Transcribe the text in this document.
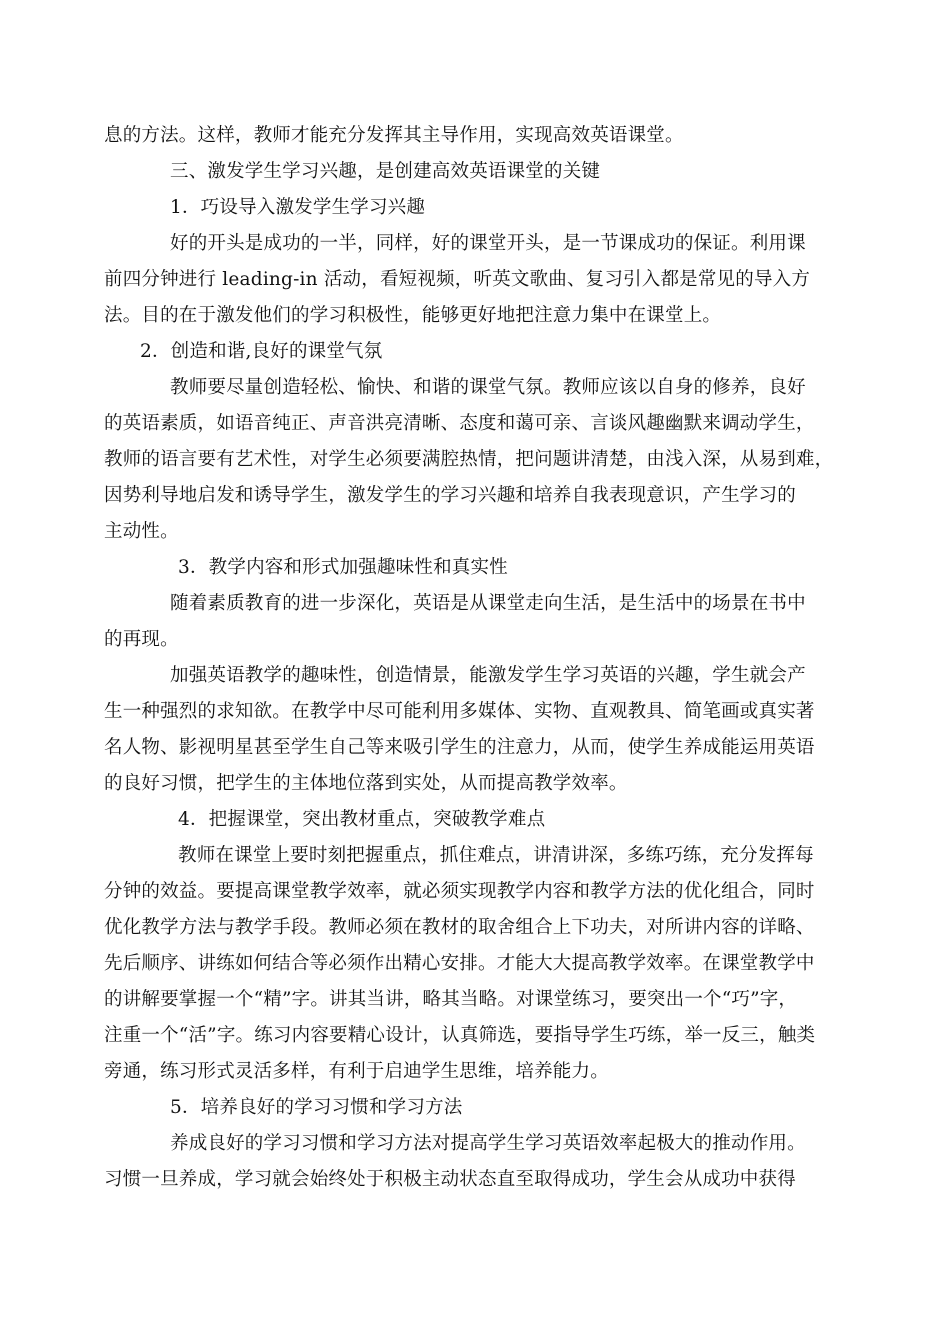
息的方法。这样，教师才能充分发挥其主导作用，实现高效英语课堂。
三、激发学生学习兴趣，是创建高效英语课堂的关键
1．巧设导入激发学生学习兴趣
好的开头是成功的一半，同样，好的课堂开头，是一节课成功的保证。利用课
前四分钟进行 leading-in 活动，看短视频，听英文歌曲、复习引入都是常见的导入方
法。目的在于激发他们的学习积极性，能够更好地把注意力集中在课堂上。
2．创造和谐,良好的课堂气氛
教师要尽量创造轻松、愉快、和谐的课堂气氛。教师应该以自身的修养，良好
的英语素质，如语音纯正、声音洪亮清晰、态度和蔼可亲、言谈风趣幽默来调动学生，
教师的语言要有艺术性，对学生必须要满腔热情，把问题讲清楚，由浅入深，从易到难，
因势利导地启发和诱导学生，激发学生的学习兴趣和培养自我表现意识，产生学习的
主动性。
3．教学内容和形式加强趣味性和真实性
随着素质教育的进一步深化，英语是从课堂走向生活，是生活中的场景在书中
的再现。
加强英语教学的趣味性，创造情景，能激发学生学习英语的兴趣，学生就会产
生一种强烈的求知欲。在教学中尽可能利用多媒体、实物、直观教具、简笔画或真实著
名人物、影视明星甚至学生自己等来吸引学生的注意力，从而，使学生养成能运用英语
的良好习惯，把学生的主体地位落到实处，从而提高教学效率。
4．把握课堂，突出教材重点，突破教学难点
教师在课堂上要时刻把握重点，抓住难点，讲清讲深，多练巧练，充分发挥每
分钟的效益。要提高课堂教学效率，就必须实现教学内容和教学方法的优化组合，同时
优化教学方法与教学手段。教师必须在教材的取舍组合上下功夫，对所讲内容的详略、
先后顺序、讲练如何结合等必须作出精心安排。才能大大提高教学效率。在课堂教学中
的讲解要掌握一个“精”字。讲其当讲，略其当略。对课堂练习，要突出一个“巧”字，
注重一个“活”字。练习内容要精心设计，认真筛选，要指导学生巧练，举一反三，触类
旁通，练习形式灵活多样，有利于启迪学生思维，培养能力。
5．培养良好的学习习惯和学习方法
养成良好的学习习惯和学习方法对提高学生学习英语效率起极大的推动作用。
习惯一旦养成，学习就会始终处于积极主动状态直至取得成功，学生会从成功中获得
